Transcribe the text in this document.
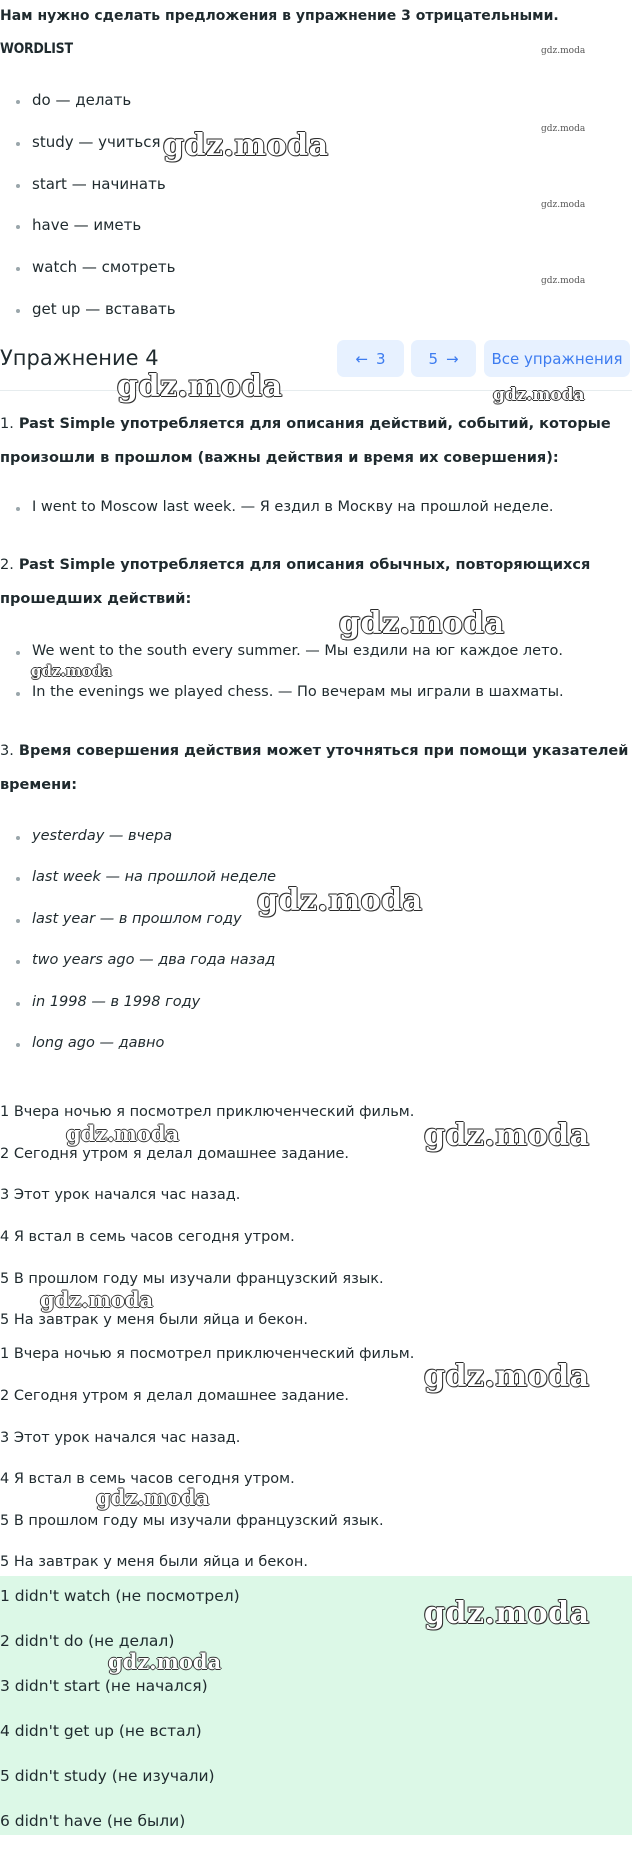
Нам нужно сделать предложения в упражнение 3 отрицательными.
WORDLIST
do — делать
study — учиться
start — начинать
have — иметь
watch — смотреть
get up — вставать
Упражнение 4	← 3	5 → Все упражнения
1. Past Simple употребляется для описания действий, событий, которые
произошли в прошлом (важны действия и время их совершения):
I went to Moscow last week. — Я ездил в Москву на прошлой неделе.
2. Past Simple употребляется для описания обычных, повторяющихся
прошедших действий:
We went to the south every summer. — Мы ездили на юг каждое лето.
In the evenings we played chess. — По вечерам мы играли в шахматы.
3. Время совершения действия может уточняться при помощи указателей
времени:
yesterday — вчера
last week — на прошлой неделе
last year — в прошлом году
two years ago — два года назад
in 1998 — в 1998 году
long ago — давно
1 Вчера ночью я посмотрел приключенческий фильм.
2 Сегодня утром я делал домашнее задание.
3 Этот урок начался час назад.
4 Я встал в семь часов сегодня утром.
5 В прошлом году мы изучали французский язык.
5 На завтрак у меня были яйца и бекон.
1 Вчера ночью я посмотрел приключенческий фильм.
2 Сегодня утром я делал домашнее задание.
3 Этот урок начался час назад.
4 Я встал в семь часов сегодня утром.
5 В прошлом году мы изучали французский язык.
5 На завтрак у меня были яйца и бекон.
1 didn't watch (не посмотрел)
2 didn't do (не делал)
3 didn't start (не начался)
4 didn't get up (не встал)
5 didn't study (не изучали)
6 didn't have (не были)
gdz.moda
gdz.moda
gdz.moda
gdz.moda
gdz.moda
gdz.moda	gdz.moda
gdz.moda
gdz.moda
gdz.moda
gdz.moda	gdz.moda
gdz.moda
gdz.moda
gdz.moda
gdz.moda
gdz.moda
